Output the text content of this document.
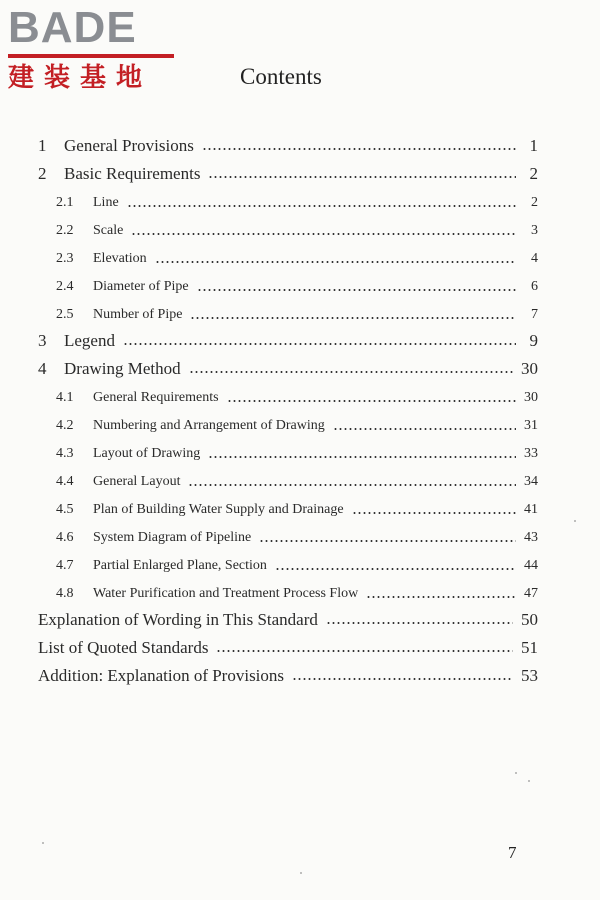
BADE
建装基地	Contents
1	General Provisions	1
2	Basic Requirements	2
2.1	Line	2
2.2	Scale	3
2.3	Elevation	4
2.4	Diameter of Pipe	6
2.5	Number of Pipe	7
3	Legend	9
4	Drawing Method	30
4.1	General Requirements	30
4.2	Numbering and Arrangement of Drawing	31
4.3	Layout of Drawing	33
4.4	General Layout	34
4.5	Plan of Building Water Supply and Drainage	41
4.6	System Diagram of Pipeline	43
4.7	Partial Enlarged Plane, Section	44
4.8	Water Purification and Treatment Process Flow	47
Explanation of Wording in This Standard	50
List of Quoted Standards	51
Addition: Explanation of Provisions	53
7
